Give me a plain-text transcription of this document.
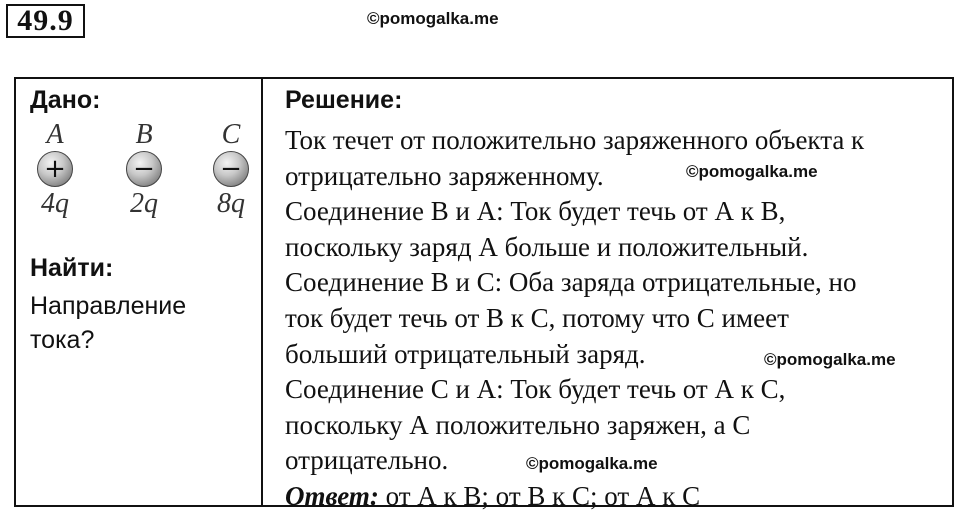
49.9	©pomogalka.me
Дано:
A
+
4q
B
−
2q
C
−
8q
Найти:
Направление
тока?
Решение:
Ток течет от положительно заряженного объекта к
отрицательно заряженному.
Соединение В и А: Ток будет течь от А к В,
поскольку заряд А больше и положительный.
Соединение В и С: Оба заряда отрицательные, но
ток будет течь от В к С, потому что С имеет
больший отрицательный заряд.
Соединение С и А: Ток будет течь от А к С,
поскольку А положительно заряжен, а С
отрицательно.
Ответ: от А к В; от В к С; от А к С
©pomogalka.me
©pomogalka.me
©pomogalka.me
